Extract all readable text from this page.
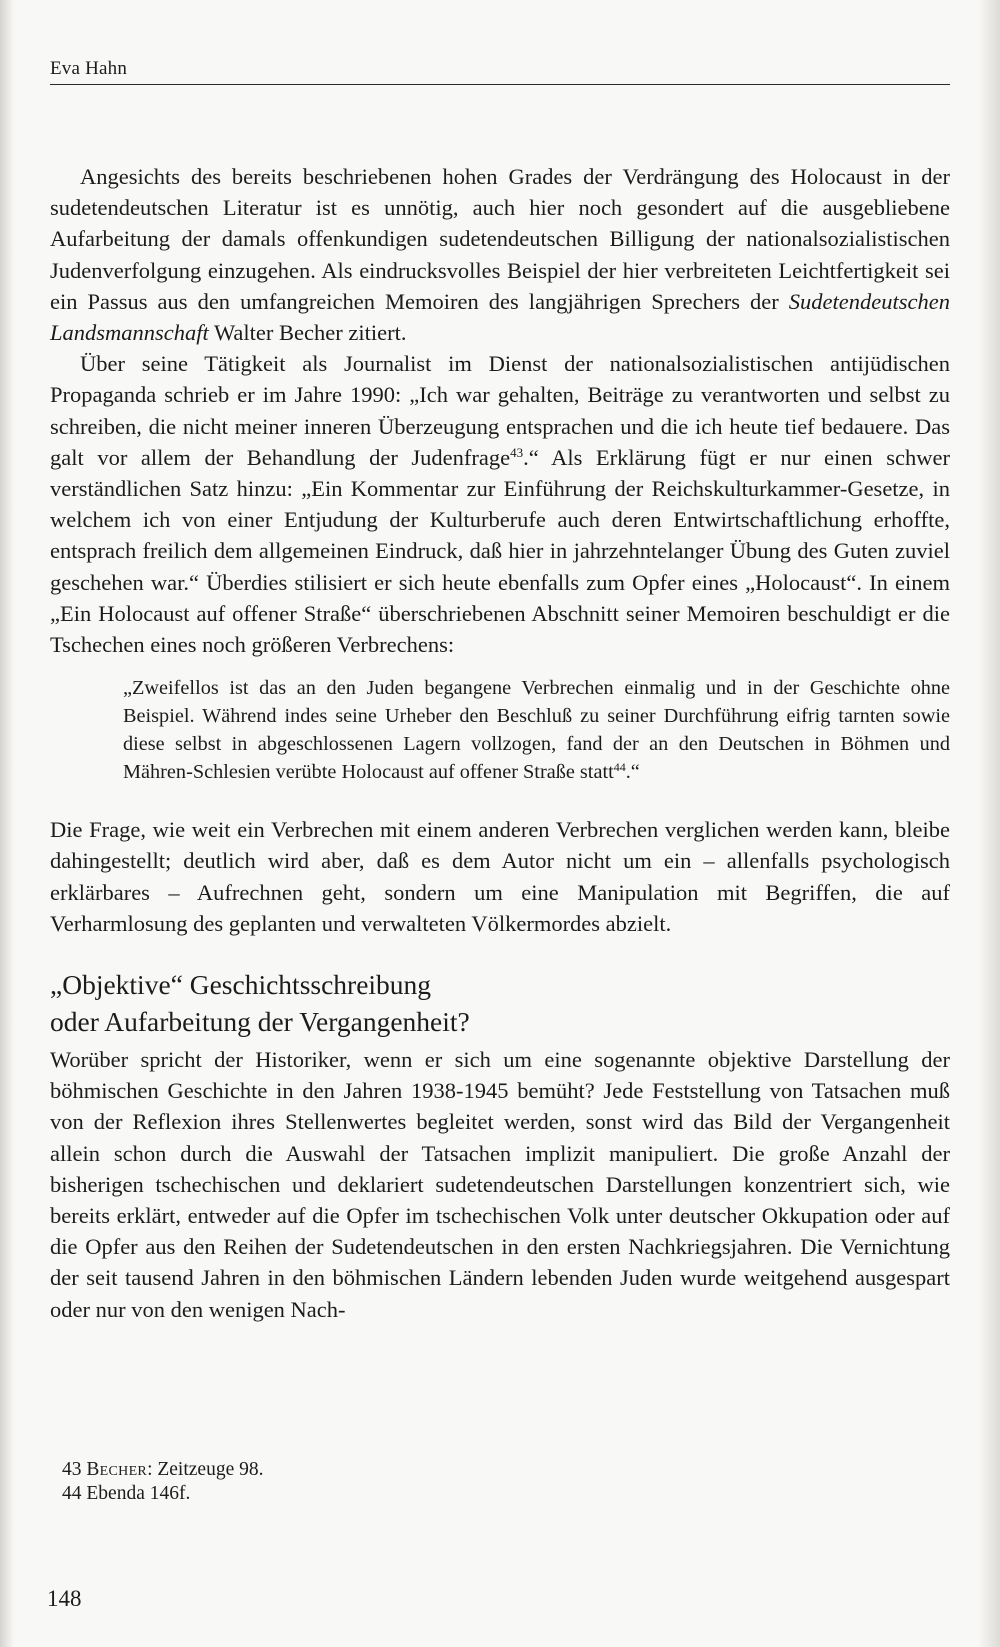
Eva Hahn

Angesichts des bereits beschriebenen hohen Grades der Verdrängung des Holocaust in der sudetendeutschen Literatur ist es unnötig, auch hier noch gesondert auf die ausgebliebene Aufarbeitung der damals offenkundigen sudetendeutschen Billigung der nationalsozialistischen Judenverfolgung einzugehen. Als eindrucksvolles Beispiel der hier verbreiteten Leichtfertigkeit sei ein Passus aus den umfangreichen Memoiren des langjährigen Sprechers der Sudetendeutschen Landsmannschaft Walter Becher zitiert.

Über seine Tätigkeit als Journalist im Dienst der nationalsozialistischen antijüdischen Propaganda schrieb er im Jahre 1990: „Ich war gehalten, Beiträge zu verantworten und selbst zu schreiben, die nicht meiner inneren Überzeugung entsprachen und die ich heute tief bedauere. Das galt vor allem der Behandlung der Judenfrage$^{43}$.“ Als Erklärung fügt er nur einen schwer verständlichen Satz hinzu: „Ein Kommentar zur Einführung der Reichskulturkammer-Gesetze, in welchem ich von einer Entjudung der Kulturberufe auch deren Entwirtschaftlichung erhoffte, entsprach freilich dem allgemeinen Eindruck, daß hier in jahrzehntelanger Übung des Guten zuviel geschehen war.“ Überdies stilisiert er sich heute ebenfalls zum Opfer eines „Holocaust“. In einem „Ein Holocaust auf offener Straße“ überschriebenen Abschnitt seiner Memoiren beschuldigt er die Tschechen eines noch größeren Verbrechens:

„Zweifellos ist das an den Juden begangene Verbrechen einmalig und in der Geschichte ohne Beispiel. Während indes seine Urheber den Beschluß zu seiner Durchführung eifrig tarnten sowie diese selbst in abgeschlossenen Lagern vollzogen, fand der an den Deutschen in Böhmen und Mähren-Schlesien verübte Holocaust auf offener Straße statt$^{44}$.“

Die Frage, wie weit ein Verbrechen mit einem anderen Verbrechen verglichen werden kann, bleibe dahingestellt; deutlich wird aber, daß es dem Autor nicht um ein – allenfalls psychologisch erklärbares – Aufrechnen geht, sondern um eine Manipulation mit Begriffen, die auf Verharmlosung des geplanten und verwalteten Völkermordes abzielt.

„Objektive“ Geschichtsschreibung
oder Aufarbeitung der Vergangenheit?

Worüber spricht der Historiker, wenn er sich um eine sogenannte objektive Darstellung der böhmischen Geschichte in den Jahren 1938-1945 bemüht? Jede Feststellung von Tatsachen muß von der Reflexion ihres Stellenwertes begleitet werden, sonst wird das Bild der Vergangenheit allein schon durch die Auswahl der Tatsachen implizit manipuliert. Die große Anzahl der bisherigen tschechischen und deklariert sudetendeutschen Darstellungen konzentriert sich, wie bereits erklärt, entweder auf die Opfer im tschechischen Volk unter deutscher Okkupation oder auf die Opfer aus den Reihen der Sudetendeutschen in den ersten Nachkriegsjahren. Die Vernichtung der seit tausend Jahren in den böhmischen Ländern lebenden Juden wurde weitgehend ausgespart oder nur von den wenigen Nach-

43 Becher: Zeitzeuge 98.

44 Ebenda 146f.

148
